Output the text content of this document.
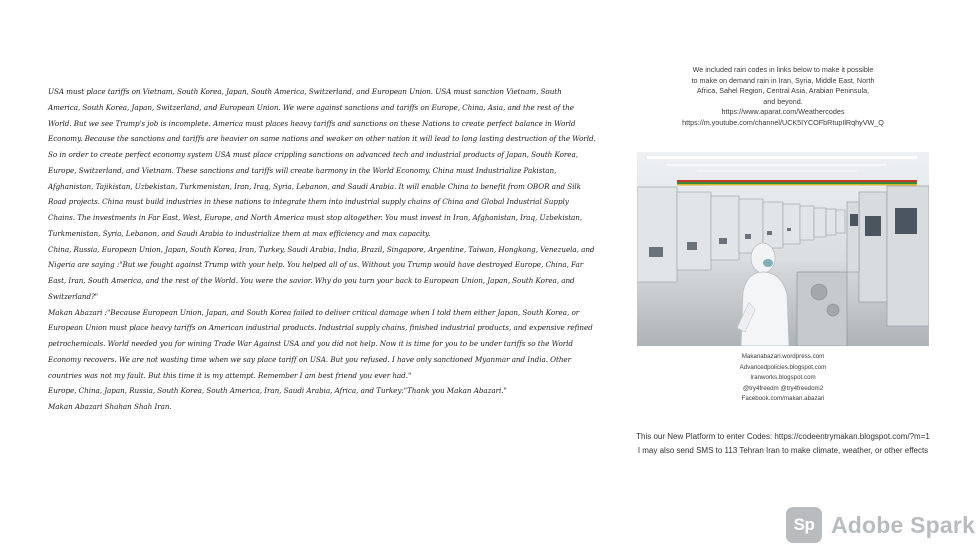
USA must place tariffs on Vietnam, South Korea, Japan, South America, Switzerland, and European Union. USA must sanction Vietnam, South America, South Korea, Japan, Switzerland, and European Union. We were against sanctions and tariffs on Europe, China, Asia, and the rest of the World. But we see Trump's job is incomplete. America must places heavy tariffs and sanctions on these Nations to create perfect balance in World Economy. Because the sanctions and tariffs are heavier on same nations and weaker on other nation it will lead to long lasting destruction of the World. So in order to create perfect economy system USA must place crippling sanctions on advanced tech and industrial products of Japan, South Korea, Europe, Switzerland, and Vietnam. These sanctions and tariffs will create harmony in the World Economy. China must Industrialize Pakistan, Afghanistan, Tajikistan, Uzbekistan, Turkmenistan, Iran, Iraq, Syria, Lebanon, and Saudi Arabia. It will enable China to benefit from OBOR and Silk Road projects. China must build industries in these nations to integrate them into industrial supply chains of China and Global Industrial Supply Chains. The investments in Far East, West, Europe, and North America must stop altogether. You must invest in Iran, Afghanistan, Iraq, Uzbekistan, Turkmenistan, Syria, Lebanon, and Saudi Arabia to industrialize them at max efficiency and max capacity.

China, Russia, European Union, Japan, South Korea, Iran, Turkey, Saudi Arabia, India, Brazil, Singapore, Argentine, Taiwan, Hongkong, Venezuela, and Nigeria are saying :"But we fought against Trump with your help. You helped all of us. Without you Trump would have destroyed Europe, China, Far East, Iran, South America, and the rest of the World. You were the savior. Why do you turn your back to European Union, Japan, South Korea, and Switzerland?"

Makan Abazari :"Because European Union, Japan, and South Korea failed to deliver critical damage when I told them either Japan, South Korea, or European Union must place heavy tariffs on American industrial products. Industrial supply chains, finished industrial products, and expensive refined petrochemicals. World needed you for wining Trade War Against USA and you did not help. Now it is time for you to be under tariffs so the World Economy recovers. We are not wasting time when we say place tariff on USA. But you refused. I have only sanctioned Myanmar and India. Other countries was not my fault. But this time it is my attempt. Remember I am best friend you ever had."

Europe, China, Japan, Russia, South Korea, South America, Iran, Saudi Arabia, Africa, and Turkey:"Thank you Makan Abazari."

Makan Abazari Shahan Shah Iran.

We included rain codes in links below to make it possible
to make on demand rain in Iran, Syria, Middle East, North
Africa, Sahel Region, Central Asia, Arabian Peninsula,
and beyond.
https://www.aparat.com/Weathercodes
https://m.youtube.com/channel/UCK5IYCOFbRtupIlRqhyVW_Q
Makanabazari.wordpress.com
Advancedpolicies.blogspot.com
Iranworks.blogspot.com
@try4freedm @try4freedom2
Facebook.com/makan.abazari
This our New Platform to enter Codes: https://codeentrymakan.blogspot.com/?m=1
I may also send SMS to 113 Tehran Iran to make climate, weather, or other effects
Sp Adobe Spark
